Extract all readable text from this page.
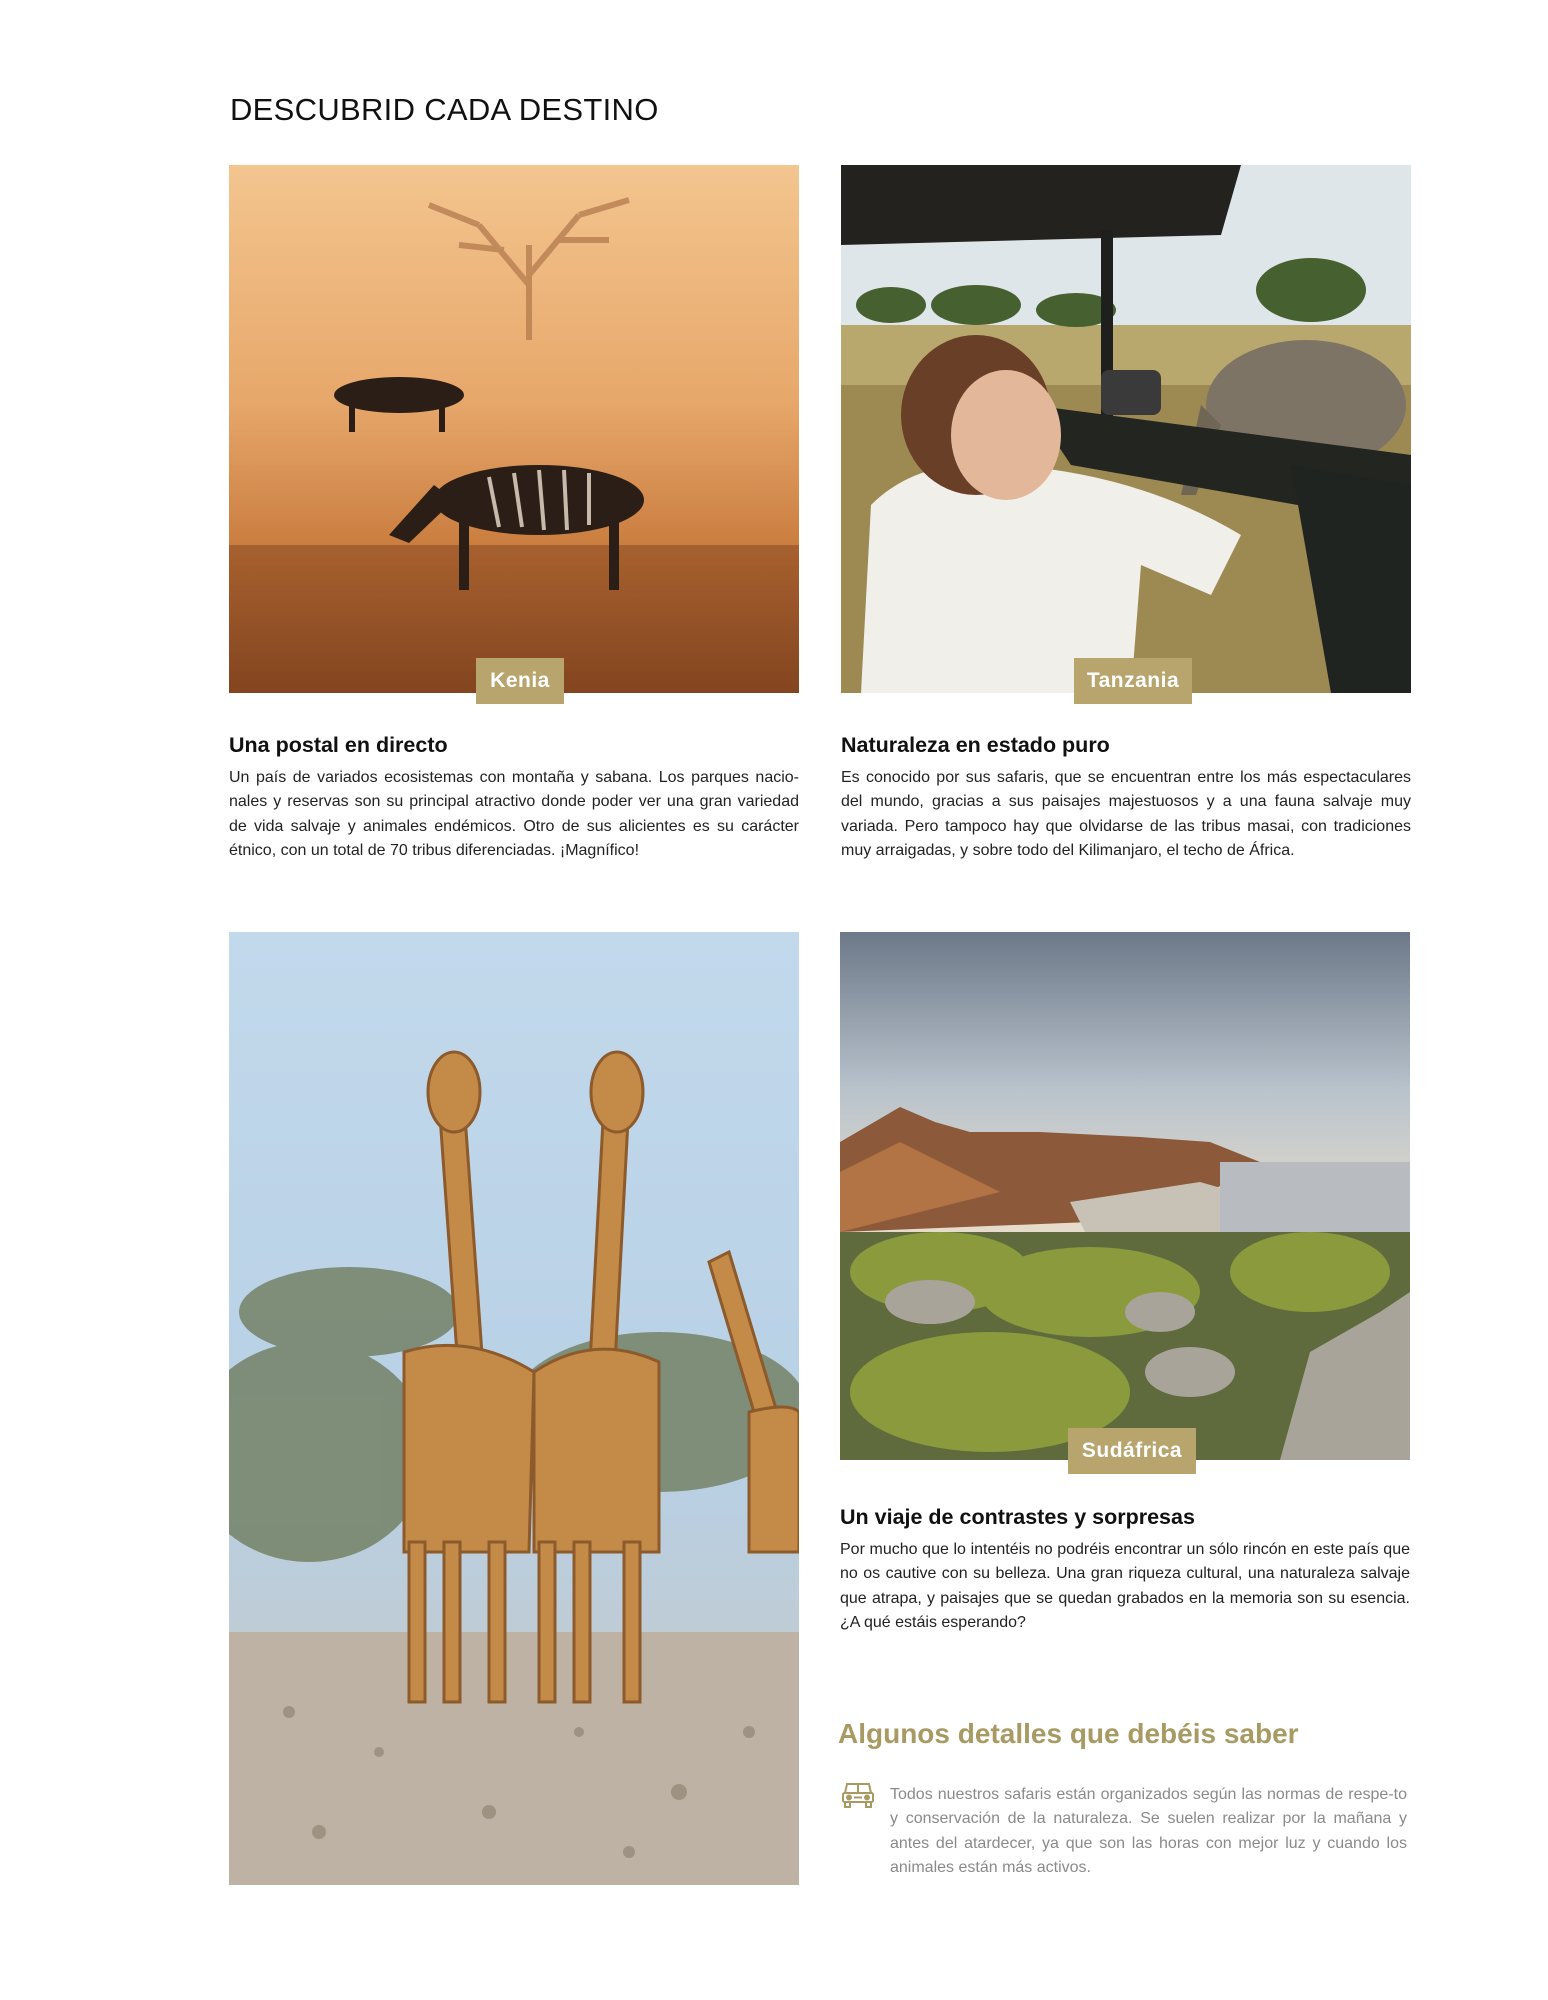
DESCUBRID CADA DESTINO
Kenia	Tanzania
Una postal en directo
Un país de variados ecosistemas con montaña y sabana. Los parques nacio-nales y reservas son su principal atractivo donde poder ver una gran variedad de vida salvaje y animales endémicos. Otro de sus alicientes es su carácter étnico, con un total de 70 tribus diferenciadas. ¡Magnífico!
Naturaleza en estado puro
Es conocido por sus safaris, que se encuentran entre los más espectaculares del mundo, gracias a sus paisajes majestuosos y a una fauna salvaje muy variada. Pero tampoco hay que olvidarse de las tribus masai, con tradiciones muy arraigadas, y sobre todo del Kilimanjaro, el techo de África.
Sudáfrica
Un viaje de contrastes y sorpresas
Por mucho que lo intentéis no podréis encontrar un sólo rincón en este país que no os cautive con su belleza. Una gran riqueza cultural, una naturaleza salvaje que atrapa, y paisajes que se quedan grabados en la memoria son su esencia. ¿A qué estáis esperando?
Algunos detalles que debéis saber
Todos nuestros safaris están organizados según las normas de respe-to y conservación de la naturaleza. Se suelen realizar por la mañana y antes del atardecer, ya que son las horas con mejor luz y cuando los animales están más activos.
